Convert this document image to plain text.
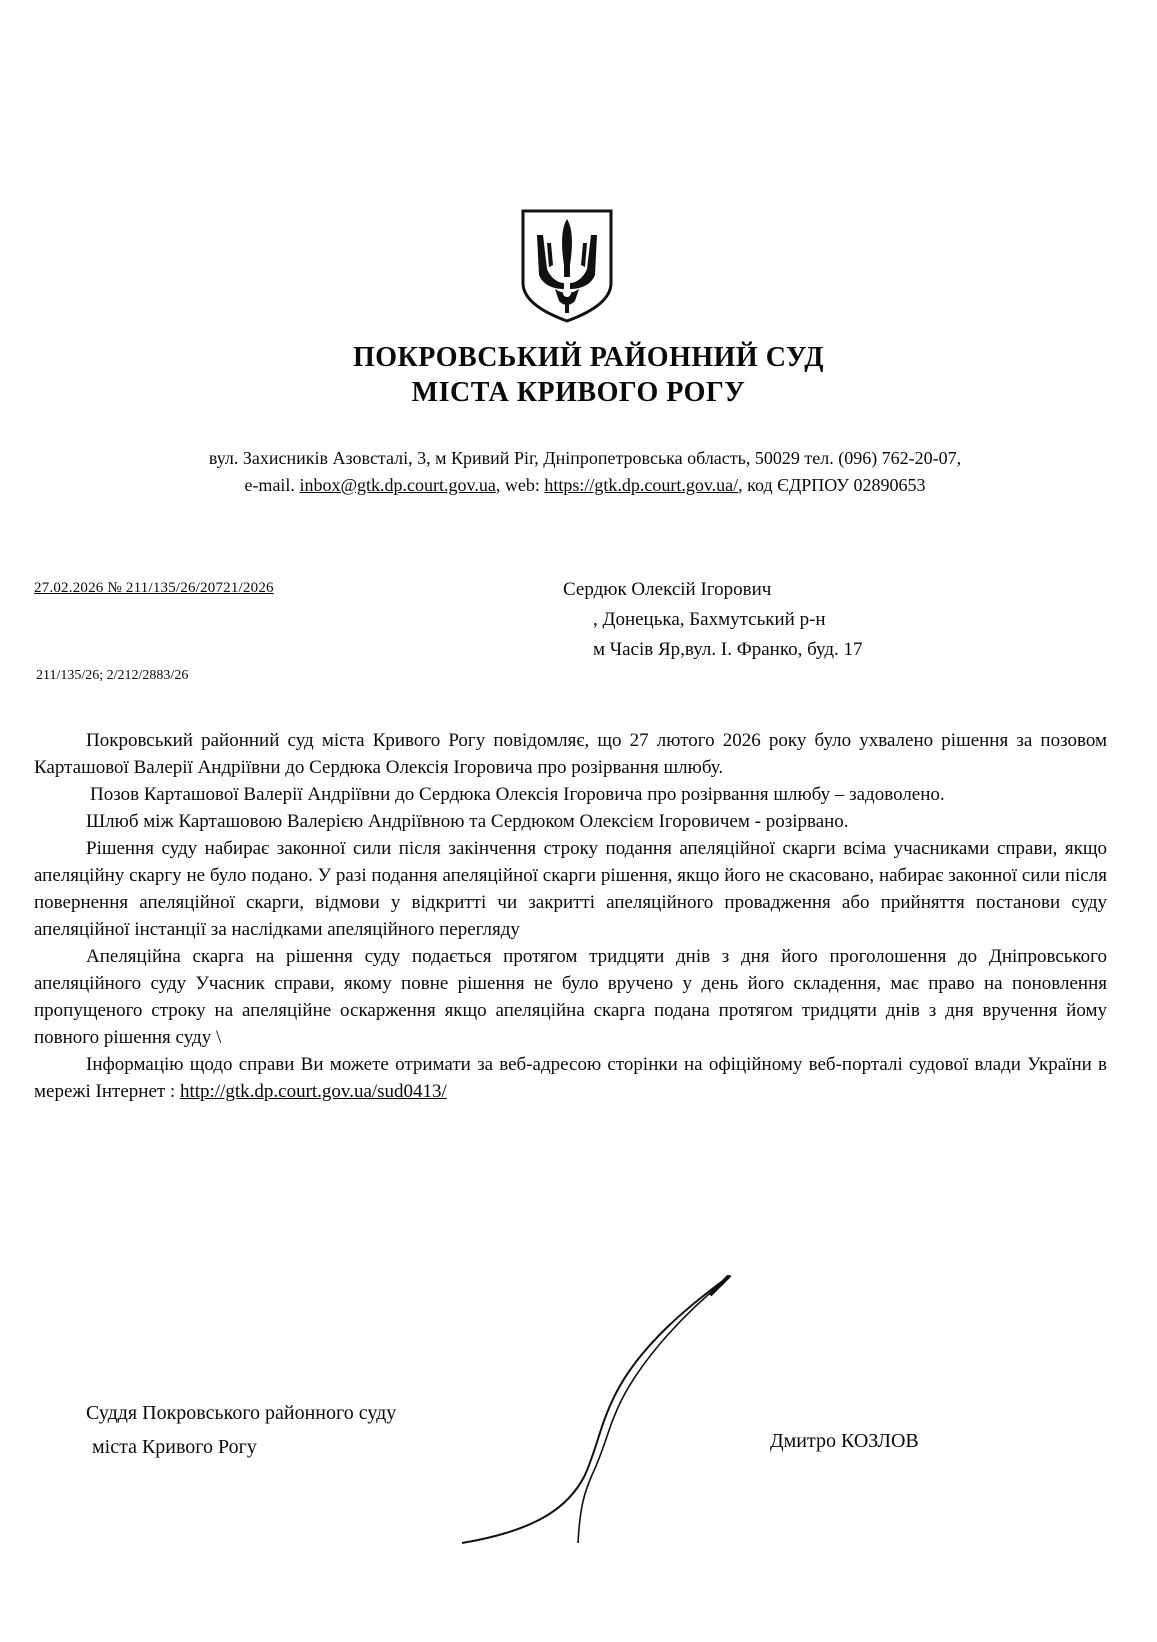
ПОКРОВСЬКИЙ РАЙОННИЙ СУД
МІСТА КРИВОГО РОГУ
вул. Захисників Азовсталі, 3, м Кривий Ріг, Дніпропетровська область, 50029 тел. (096) 762-20-07,
e-mail. inbox@gtk.dp.court.gov.ua, web: https://gtk.dp.court.gov.ua/, код ЄДРПОУ 02890653
27.02.2026 № 211/135/26/20721/2026
211/135/26; 2/212/2883/26
Сердюк Олексій Ігорович
, Донецька, Бахмутський р-н
м Часів Яр,вул. І. Франко, буд. 17

Покровський районний суд міста Кривого Рогу повідомляє, що 27 лютого 2026 року було ухвалено рішення за позовом Карташової Валерії Андріївни до Сердюка Олексія Ігоровича про розірвання шлюбу.

Позов Карташової Валерії Андріївни до Сердюка Олексія Ігоровича про розірвання шлюбу – задоволено.

Шлюб між Карташовою Валерією Андріївною та Сердюком Олексієм Ігоровичем - розірвано.

Рішення суду набирає законної сили після закінчення строку подання апеляційної скарги всіма учасниками справи, якщо апеляційну скаргу не було подано. У разі подання апеляційної скарги рішення, якщо його не скасовано, набирає законної сили після повернення апеляційної скарги, відмови у відкритті чи закритті апеляційного провадження або прийняття постанови суду апеляційної інстанції за наслідками апеляційного перегляду

Апеляційна скарга на рішення суду подається протягом тридцяти днів з дня його проголошення до Дніпровського апеляційного суду Учасник справи, якому повне рішення не було вручено у день його складення, має право на поновлення пропущеного строку на апеляційне оскарження якщо апеляційна скарга подана протягом тридцяти днів з дня вручення йому повного рішення суду \

Інформацію щодо справи Ви можете отримати за веб-адресою сторінки на офіційному веб-порталі судової влади України в мережі Інтернет : http://gtk.dp.court.gov.ua/sud0413/

Суддя Покровського районного суду
міста Кривого Рогу	Дмитро КОЗЛОВ
